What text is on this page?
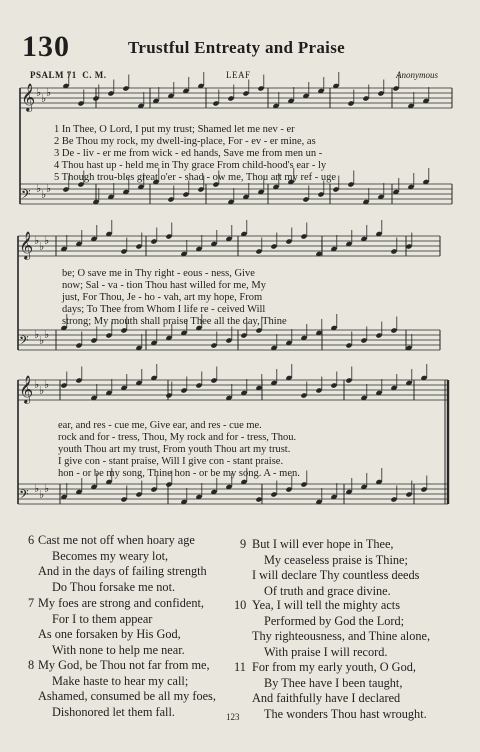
130	Trustful Entreaty and Praise
PSALM 71 C. M.	LEAF	Anonymous
♭ ♭ ♭
𝄞
♭ ♭ ♭
𝄢
♭ ♭ ♭
𝄞
♭ ♭ ♭
𝄢
♭ ♭ ♭
𝄞
♭ ♭ ♭
𝄢
1 In Thee, O Lord, I put my trust; Shamed let me nev - er
2 Be Thou my rock, my dwell-ing-place, For - ev - er mine, as
3 De - liv - er me from wick - ed hands, Save me from men un -
4 Thou hast up - held me in Thy grace From child-hood's ear - ly
5 Though trou-bles great o'er - shad - ow me, Thou art my ref - uge
be; O save me in Thy right - eous - ness, Give
now; Sal - va - tion Thou hast willed for me, My
just, For Thou, Je - ho - vah, art my hope, From
days; To Thee from Whom I life re - ceived Will
strong; My mouth shall praise Thee all the day, Thine
ear, and res - cue me, Give ear, and res - cue me.
rock and for - tress, Thou, My rock and for - tress, Thou.
youth Thou art my trust, From youth Thou art my trust.
I give con - stant praise, Will I give con - stant praise.
hon - or be my song, Thine hon - or be my song. A - men.
6 Cast me not off when hoary age
Becomes my weary lot,
And in the days of failing strength
Do Thou forsake me not.
7 My foes are strong and confident,
For I to them appear
As one forsaken by His God,
With none to help me near.
8 My God, be Thou not far from me,
Make haste to hear my call;
Ashamed, consumed be all my foes,
Dishonored let them fall.
9 But I will ever hope in Thee,
My ceaseless praise is Thine;
I will declare Thy countless deeds
Of truth and grace divine.
10 Yea, I will tell the mighty acts
Performed by God the Lord;
Thy righteousness, and Thine alone,
With praise I will record.
11 For from my early youth, O God,
By Thee have I been taught,
And faithfully have I declared
The wonders Thou hast wrought.
123
